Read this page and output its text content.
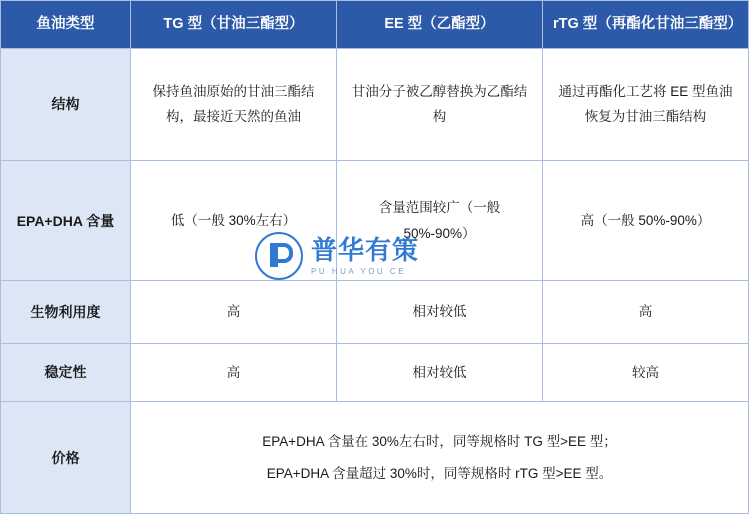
鱼油类型	TG 型（甘油三酯型）	EE 型（乙酯型）	rTG 型（再酯化甘油三酯型）
结构	保持鱼油原始的甘油三酯结构，最接近天然的鱼油	甘油分子被乙醇替换为乙酯结构	通过再酯化工艺将 EE 型鱼油恢复为甘油三酯结构
EPA+DHA 含量	低（一般 30%左右）	含量范围较广（一般 50%-90%）	高（一般 50%-90%）
生物利用度	高	相对较低	高
稳定性	高	相对较低	较高
价格	EPA+DHA 含量在 30%左右时，同等规格时 TG 型>EE 型；
EPA+DHA 含量超过 30%时，同等规格时 rTG 型>EE 型。		
普华有策
PU HUA YOU CE
